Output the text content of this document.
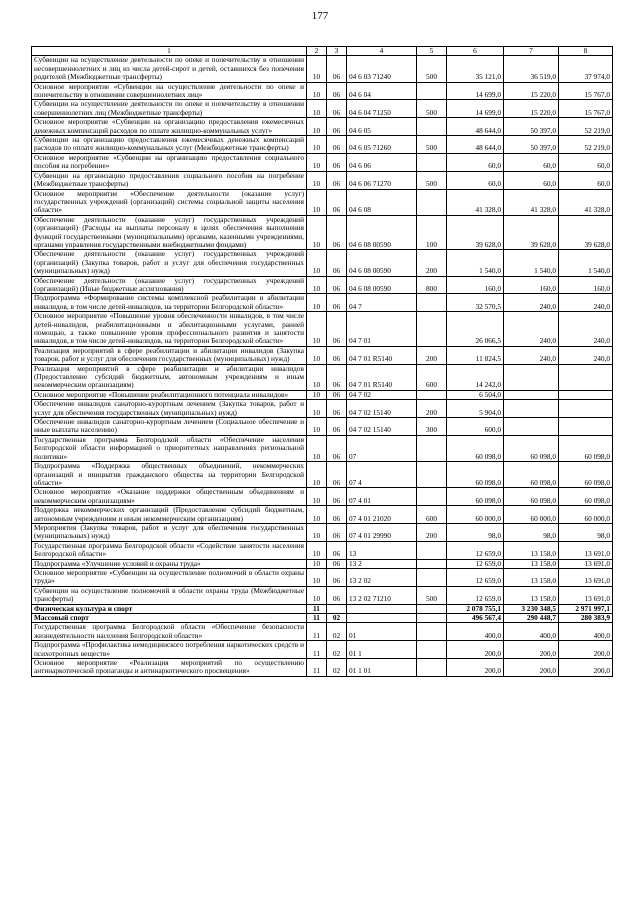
177
1	2	3	4	5	6	7	8
Субвенции на осуществление деятельности по опеке и попечительству в отношении несовершеннолетних и лиц из числа детей-сирот и детей, оставшихся без попечения родителей (Межбюджетные трансферты)	10	06	04 6 03 71240	500	35 121,0	36 519,0	37 974,0
Основное мероприятие «Субвенции на осуществление деятельности по опеке и попечительству в отношении совершеннолетних лиц»	10	06	04 6 04		14 699,0	15 220,0	15 767,0
Субвенции на осуществление деятельности по опеке и попечительству в отношении совершеннолетних лиц (Межбюджетные трансферты)	10	06	04 6 04 71250	500	14 699,0	15 220,0	15 767,0
Основное мероприятие «Субвенции на организацию предоставления ежемесячных денежных компенсаций расходов по оплате жилищно-коммунальных услуг»	10	06	04 6 05		48 644,0	50 397,0	52 219,0
Субвенции на организацию предоставления ежемесячных денежных компенсаций расходов по оплате жилищно-коммунальных услуг (Межбюджетные трансферты)	10	06	04 6 05 71260	500	48 644,0	50 397,0	52 219,0
Основное мероприятие «Субвенции на организацию предоставления социального пособия на погребение»	10	06	04 6 06		60,0	60,0	60,0
Субвенции на организацию предоставления социального пособия на погребение (Межбюджетные трансферты)	10	06	04 6 06 71270	500	60,0	60,0	60,0
Основное мероприятие «Обеспечение деятельности (оказание услуг) государственных учреждений (организаций) системы социальной защиты населения области»	10	06	04 6 08		41 328,0	41 328,0	41 328,0
Обеспечение деятельности (оказание услуг) государственных учреждений (организаций) (Расходы на выплаты персоналу в целях обеспечения выполнения функций государственными (муниципальными) органами, казенными учреждениями, органами управления государственными внебюджетными фондами)	10	06	04 6 08 00590	100	39 628,0	39 628,0	39 628,0
Обеспечение деятельности (оказание услуг) государственных учреждений (организаций) (Закупка товаров, работ и услуг для обеспечения государственных (муниципальных) нужд)	10	06	04 6 08 00590	200	1 540,0	1 540,0	1 540,0
Обеспечение деятельности (оказание услуг) государственных учреждений (организаций) (Иные бюджетные ассигнования)	10	06	04 6 08 00590	800	160,0	160,0	160,0
Подпрограмма «Формирование системы комплексной реабилитации и абилитации инвалидов, в том числе детей-инвалидов, на территории Белгородской области»	10	06	04 7		32 570,5	240,0	240,0
Основное мероприятие «Повышение уровня обеспеченности инвалидов, в том числе детей-инвалидов, реабилитационными и абилитационными услугами, ранней помощью, а также повышение уровня профессионального развития и занятости инвалидов, в том числе детей-инвалидов, на территории Белгородской области»	10	06	04 7 01		26 066,5	240,0	240,0
Реализация мероприятий в сфере реабилитации и абилитации инвалидов (Закупка товаров, работ и услуг для обеспечения государственных (муниципальных) нужд)	10	06	04 7 01 R5140	200	11 824,5	240,0	240,0
Реализация мероприятий в сфере реабилитации и абилитации инвалидов (Предоставление субсидий бюджетным, автономным учреждениям и иным некоммерческим организациям)	10	06	04 7 01 R5140	600	14 242,0		
Основное мероприятие «Повышение реабилитационного потенциала инвалидов»	10	06	04 7 02		6 504,0		
Обеспечение инвалидов санаторно-курортным лечением (Закупка товаров, работ и услуг для обеспечения государственных (муниципальных) нужд)	10	06	04 7 02 15140	200	5 904,0		
Обеспечение инвалидов санаторно-курортным лечением (Социальное обеспечение и иные выплаты населению)	10	06	04 7 02 15140	300	600,0		
Государственная программа Белгородской области «Обеспечение населения Белгородской области информацией о приоритетных направлениях региональной политики»	10	06	07		60 098,0	60 098,0	60 098,0
Подпрограмма «Поддержка общественных объединений, некоммерческих организаций и инициатив гражданского общества на территории Белгородской области»	10	06	07 4		60 098,0	60 098,0	60 098,0
Основное мероприятие «Оказание поддержки общественным объединениям и некоммерческим организациям»	10	06	07 4 01		60 098,0	60 098,0	60 098,0
Поддержка некоммерческих организаций (Предоставление субсидий бюджетным, автономным учреждениям и иным некоммерческим организациям)	10	06	07 4 01 21020	600	60 000,0	60 000,0	60 000,0
Мероприятия (Закупка товаров, работ и услуг для обеспечения государственных (муниципальных) нужд)	10	06	07 4 01 29990	200	98,0	98,0	98,0
Государственная программа Белгородской области «Содействие занятости населения Белгородской области»	10	06	13		12 659,0	13 158,0	13 691,0
Подпрограмма «Улучшение условий и охраны труда»	10	06	13 2		12 659,0	13 158,0	13 691,0
Основное мероприятие «Субвенции на осуществление полномочий в области охраны труда»	10	06	13 2 02		12 659,0	13 158,0	13 691,0
Субвенции на осуществление полномочий в области охраны труда (Межбюджетные трансферты)	10	06	13 2 02 71210	500	12 659,0	13 158,0	13 691,0
Физическая культура и спорт	11				2 078 755,1	3 230 348,5	2 971 997,1
Массовый спорт	11	02			496 567,4	290 448,7	280 383,9
Государственная программа Белгородской области «Обеспечение безопасности жизнедеятельности населения Белгородской области»	11	02	01		400,0	400,0	400,0
Подпрограмма «Профилактика немедицинского потребления наркотических средств и психотропных веществ»	11	02	01 1		200,0	200,0	200,0
Основное мероприятие «Реализация мероприятий по осуществлению антинаркотической пропаганды и антинаркотического просвещения»	11	02	01 1 01		200,0	200,0	200,0
